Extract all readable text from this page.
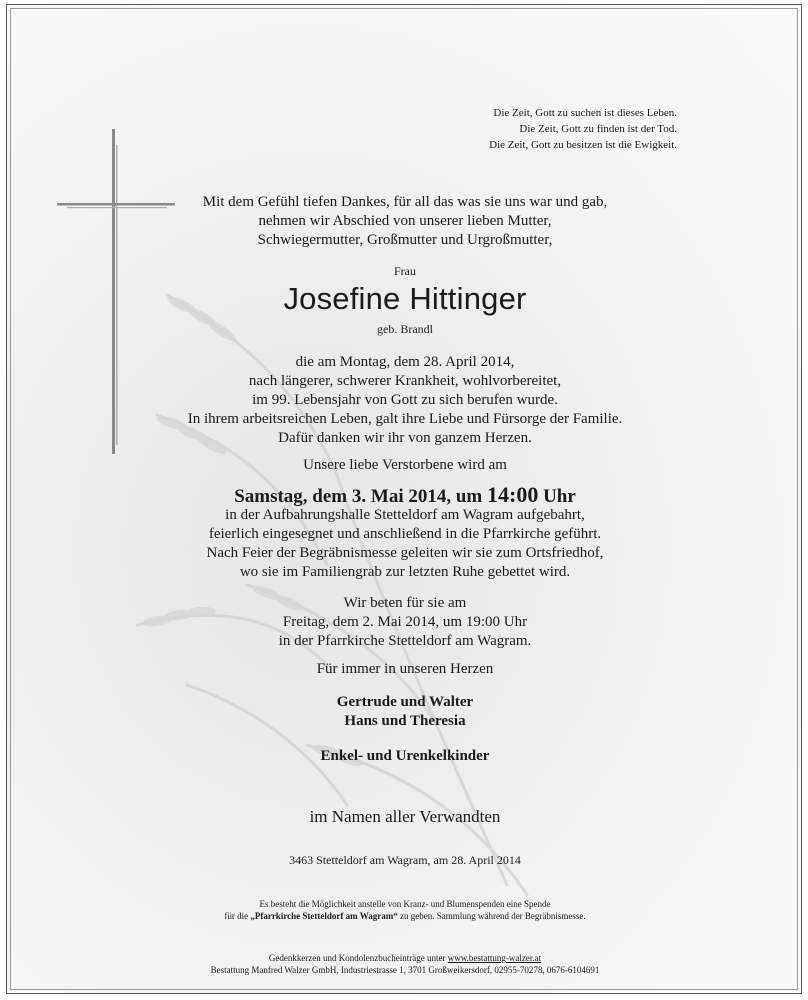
Die Zeit, Gott zu suchen ist dieses Leben.
Die Zeit, Gott zu finden ist der Tod.
Die Zeit, Gott zu besitzen ist die Ewigkeit.
Mit dem Gefühl tiefen Dankes, für all das was sie uns war und gab,
nehmen wir Abschied von unserer lieben Mutter,
Schwiegermutter, Großmutter und Urgroßmutter,
Frau
Josefine Hittinger
geb. Brandl
die am Montag, dem 28. April 2014,
nach längerer, schwerer Krankheit, wohlvorbereitet,
im 99. Lebensjahr von Gott zu sich berufen wurde.
In ihrem arbeitsreichen Leben, galt ihre Liebe und Fürsorge der Familie.
Dafür danken wir ihr von ganzem Herzen.
Unsere liebe Verstorbene wird am
Samstag, dem 3. Mai 2014, um 14:00 Uhr
in der Aufbahrungshalle Stetteldorf am Wagram aufgebahrt,
feierlich eingesegnet und anschließend in die Pfarrkirche geführt.
Nach Feier der Begräbnismesse geleiten wir sie zum Ortsfriedhof,
wo sie im Familiengrab zur letzten Ruhe gebettet wird.
Wir beten für sie am
Freitag, dem 2. Mai 2014, um 19:00 Uhr
in der Pfarrkirche Stetteldorf am Wagram.
Für immer in unseren Herzen
Gertrude und Walter
Hans und Theresia
Enkel- und Urenkelkinder
im Namen aller Verwandten
3463 Stetteldorf am Wagram, am 28. April 2014
Es besteht die Möglichkeit anstelle von Kranz- und Blumenspenden eine Spende
für die „Pfarrkirche Stetteldorf am Wagram“ zu geben. Sammlung während der Begräbnismesse.
Gedenkkerzen und Kondolenzbucheinträge unter www.bestattung-walzer.at
Bestattung Manfred Walzer GmbH, Industriestrasse 1, 3701 Großweikersdorf, 02955-70278, 0676-6104691
